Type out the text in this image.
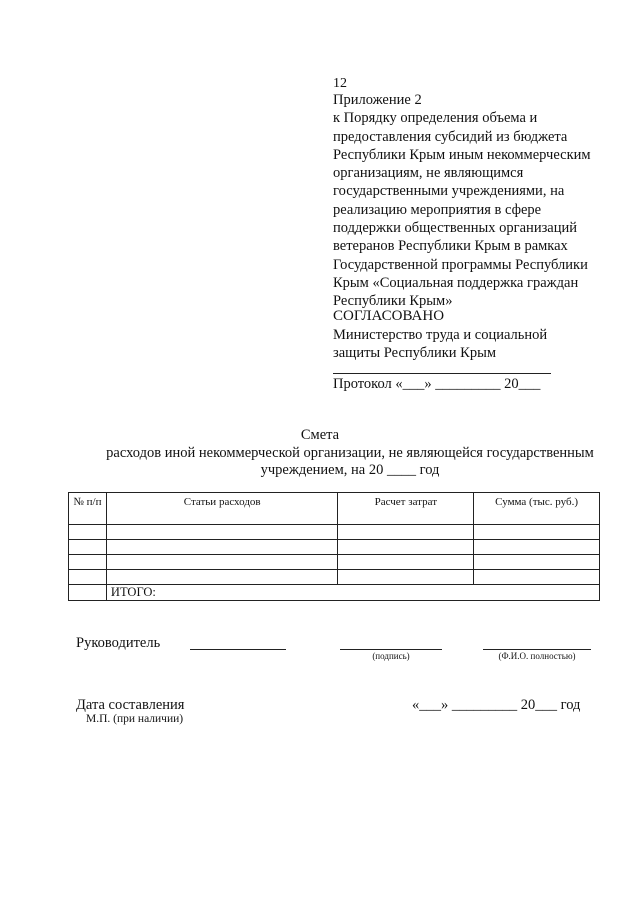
12
Приложение 2
к Порядку определения объема и
предоставления субсидий из бюджета
Республики Крым иным некоммерческим
организациям, не являющимся
государственными учреждениями, на
реализацию мероприятия в сфере
поддержки общественных организаций
ветеранов Республики Крым в рамках
Государственной программы Республики
Крым «Социальная поддержка граждан
Республики Крым»
СОГЛАСОВАНО
Министерство труда и социальной
защиты Республики Крым
Протокол «___» _________ 20___
Смета
расходов иной некоммерческой организации, не являющейся государственным
учреждением, на 20 ____ год
№ п/п	Статьи расходов	Расчет затрат	Сумма (тыс. руб.)

	ИТОГО:		
Руководитель
(подпись)	(Ф.И.О. полностью)
Дата составления
М.П. (при наличии)
«___» _________ 20___ год
